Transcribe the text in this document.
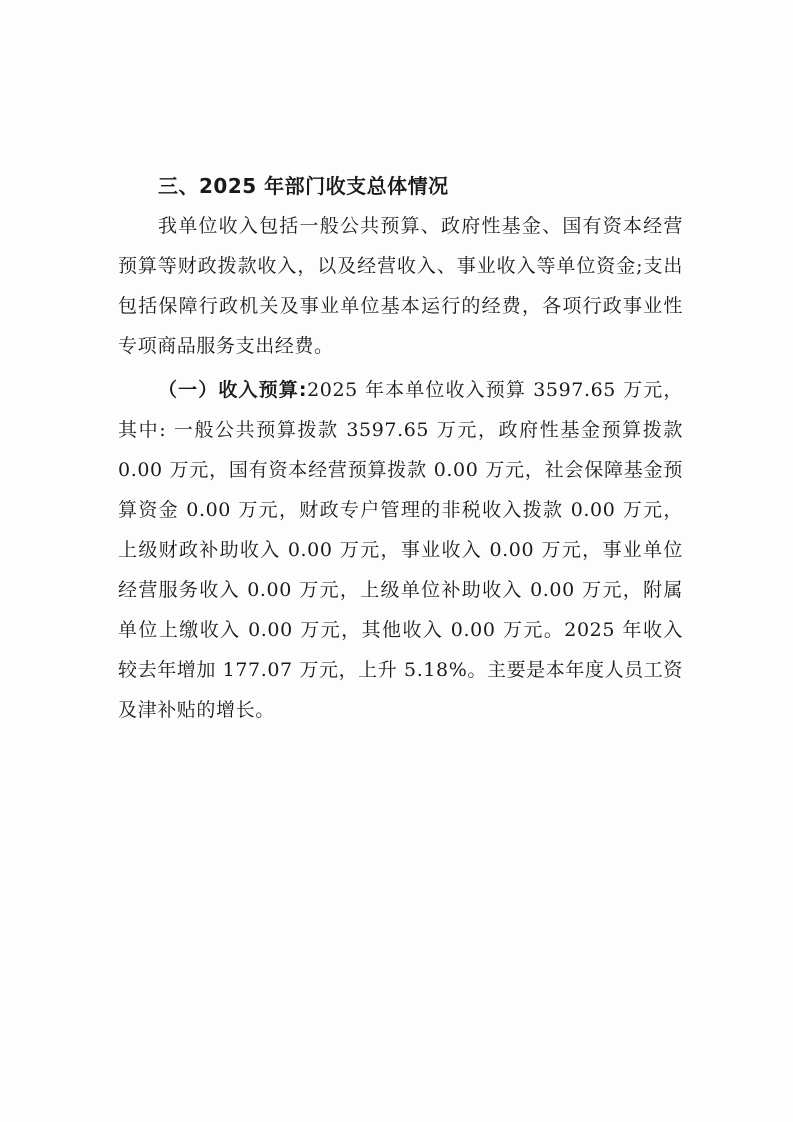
三、2025 年部门收支总体情况

我单位收入包括一般公共预算、政府性基金、国有资本经营预算等财政拨款收入，以及经营收入、事业收入等单位资金;支出包括保障行政机关及事业单位基本运行的经费，各项行政事业性专项商品服务支出经费。

（一）收入预算:2025 年本单位收入预算 3597.65 万元，其中: 一般公共预算拨款 3597.65 万元，政府性基金预算拨款 0.00 万元，国有资本经营预算拨款 0.00 万元，社会保障基金预算资金 0.00 万元，财政专户管理的非税收入拨款 0.00 万元，上级财政补助收入 0.00 万元，事业收入 0.00 万元，事业单位经营服务收入 0.00 万元，上级单位补助收入 0.00 万元，附属单位上缴收入 0.00 万元，其他收入 0.00 万元。2025 年收入较去年增加 177.07 万元，上升 5.18%。主要是本年度人员工资及津补贴的增长。
